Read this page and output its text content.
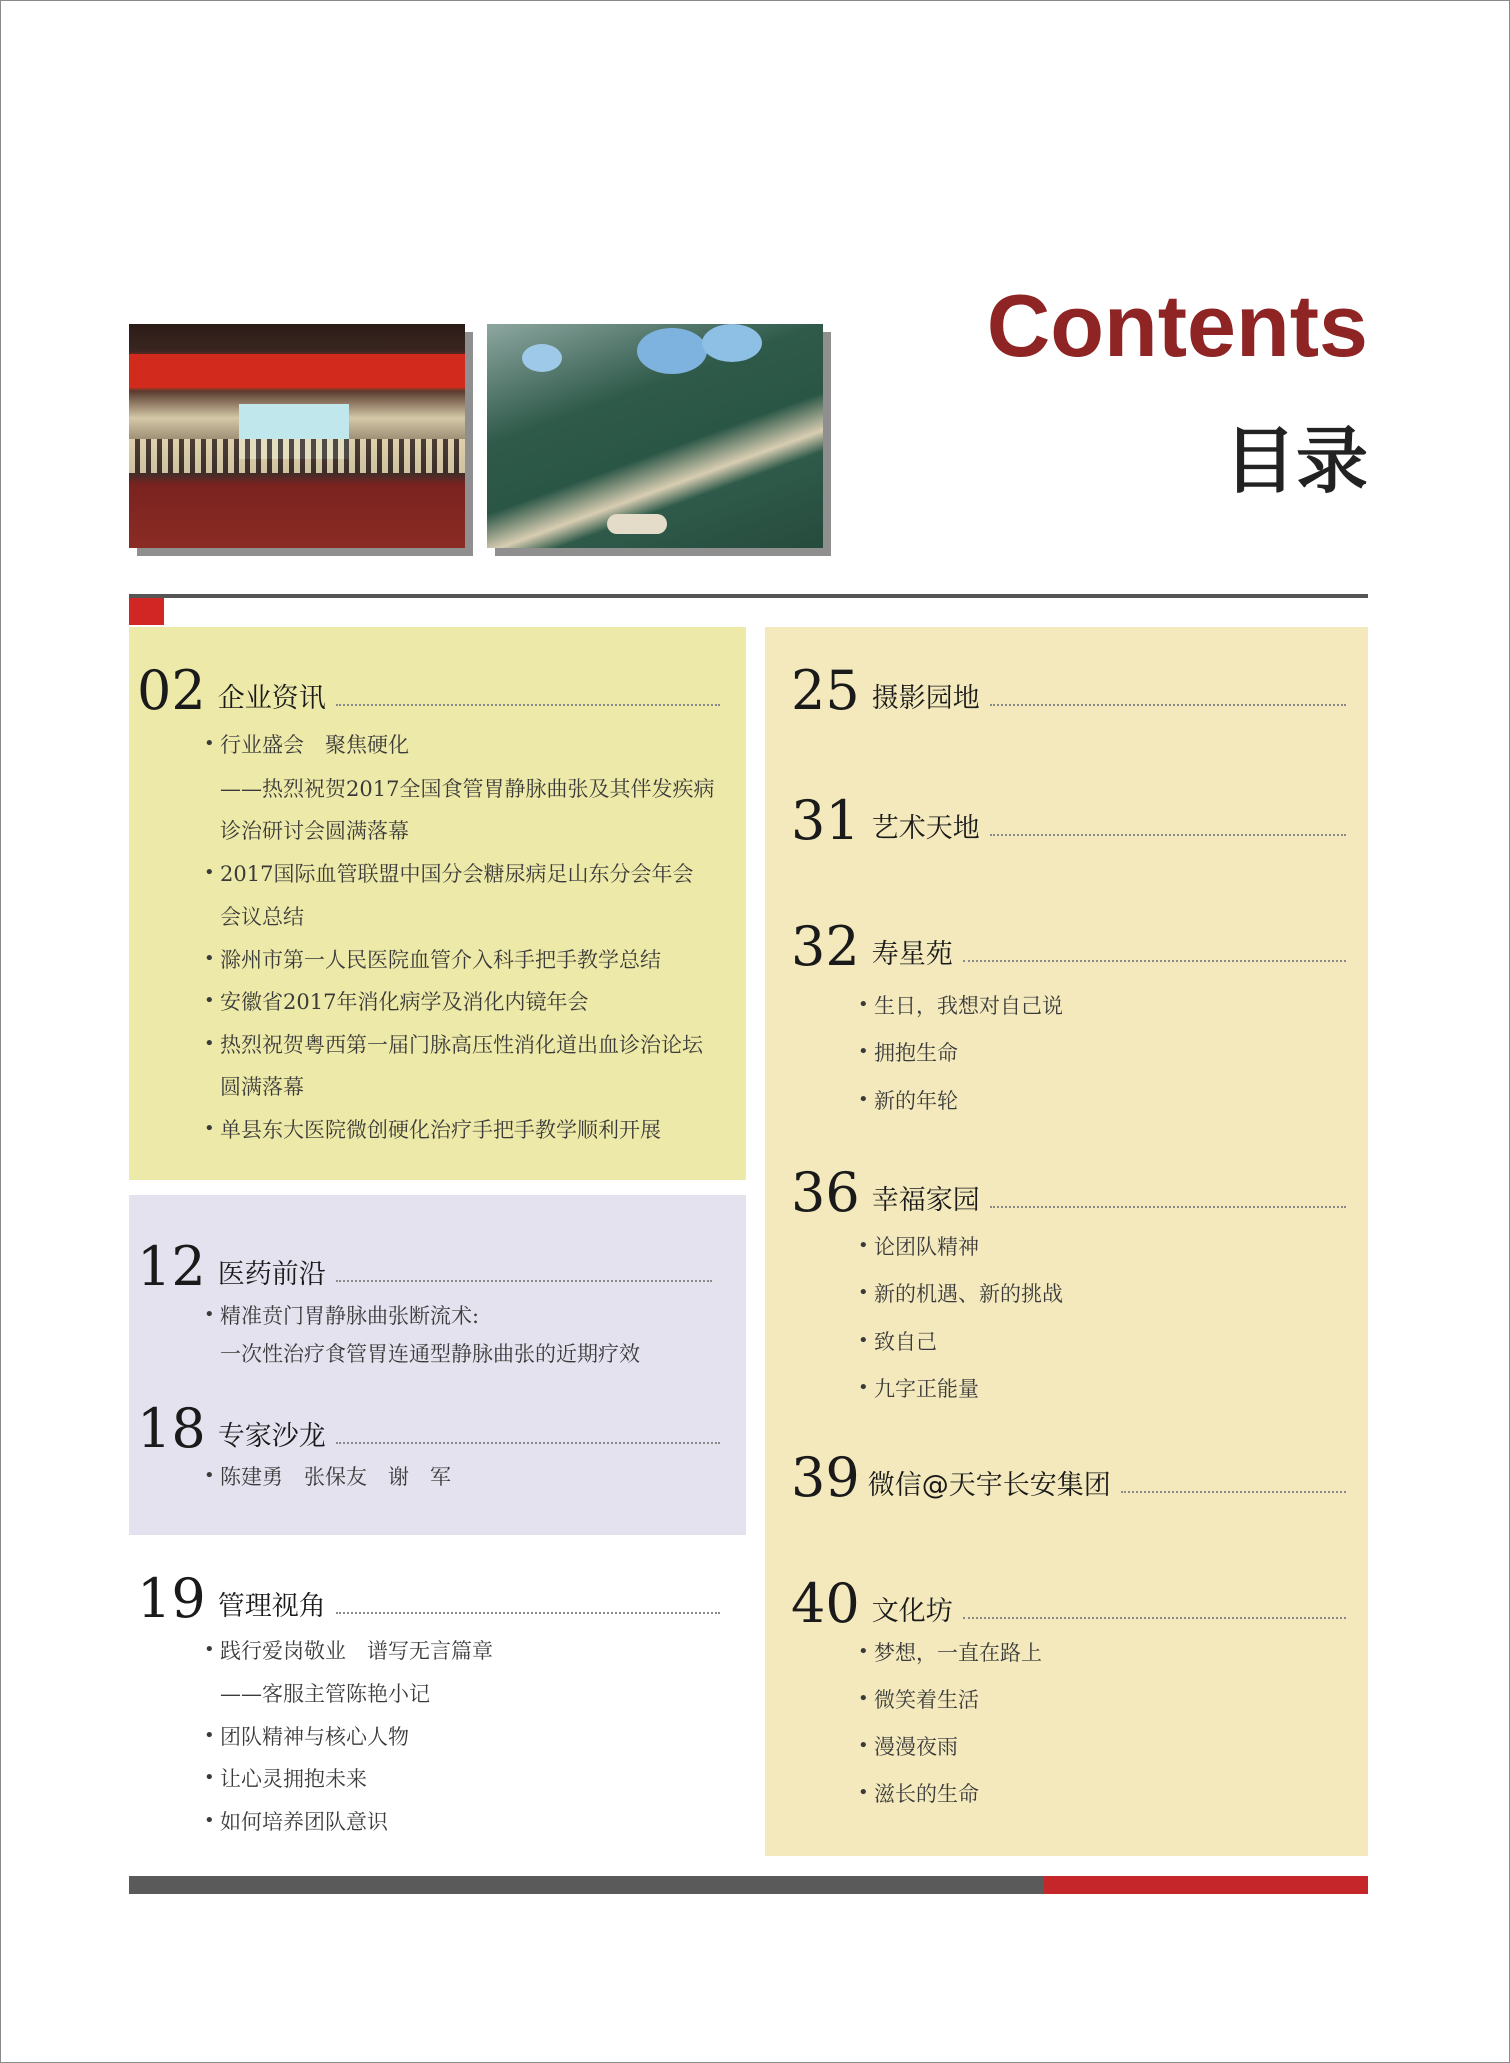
Contents
目录
02 企业资讯
• 行业盛会　聚焦硬化
——热烈祝贺2017全国食管胃静脉曲张及其伴发疾病
诊治研讨会圆满落幕
• 2017国际血管联盟中国分会糖尿病足山东分会年会
会议总结
• 滁州市第一人民医院血管介入科手把手教学总结
• 安徽省2017年消化病学及消化内镜年会
• 热烈祝贺粤西第一届门脉高压性消化道出血诊治论坛
圆满落幕
• 单县东大医院微创硬化治疗手把手教学顺利开展
12 医药前沿
• 精准贲门胃静脉曲张断流术:
一次性治疗食管胃连通型静脉曲张的近期疗效
18 专家沙龙
• 陈建勇　张保友　谢　军
19 管理视角
• 践行爱岗敬业　谱写无言篇章
——客服主管陈艳小记
• 团队精神与核心人物
• 让心灵拥抱未来
• 如何培养团队意识
25 摄影园地
31 艺术天地
32 寿星苑
• 生日，我想对自己说
• 拥抱生命
• 新的年轮
36 幸福家园
• 论团队精神
• 新的机遇、新的挑战
• 致自己
• 九字正能量
39 微信@天宇长安集团
40 文化坊
• 梦想，一直在路上
• 微笑着生活
• 漫漫夜雨
• 滋长的生命
